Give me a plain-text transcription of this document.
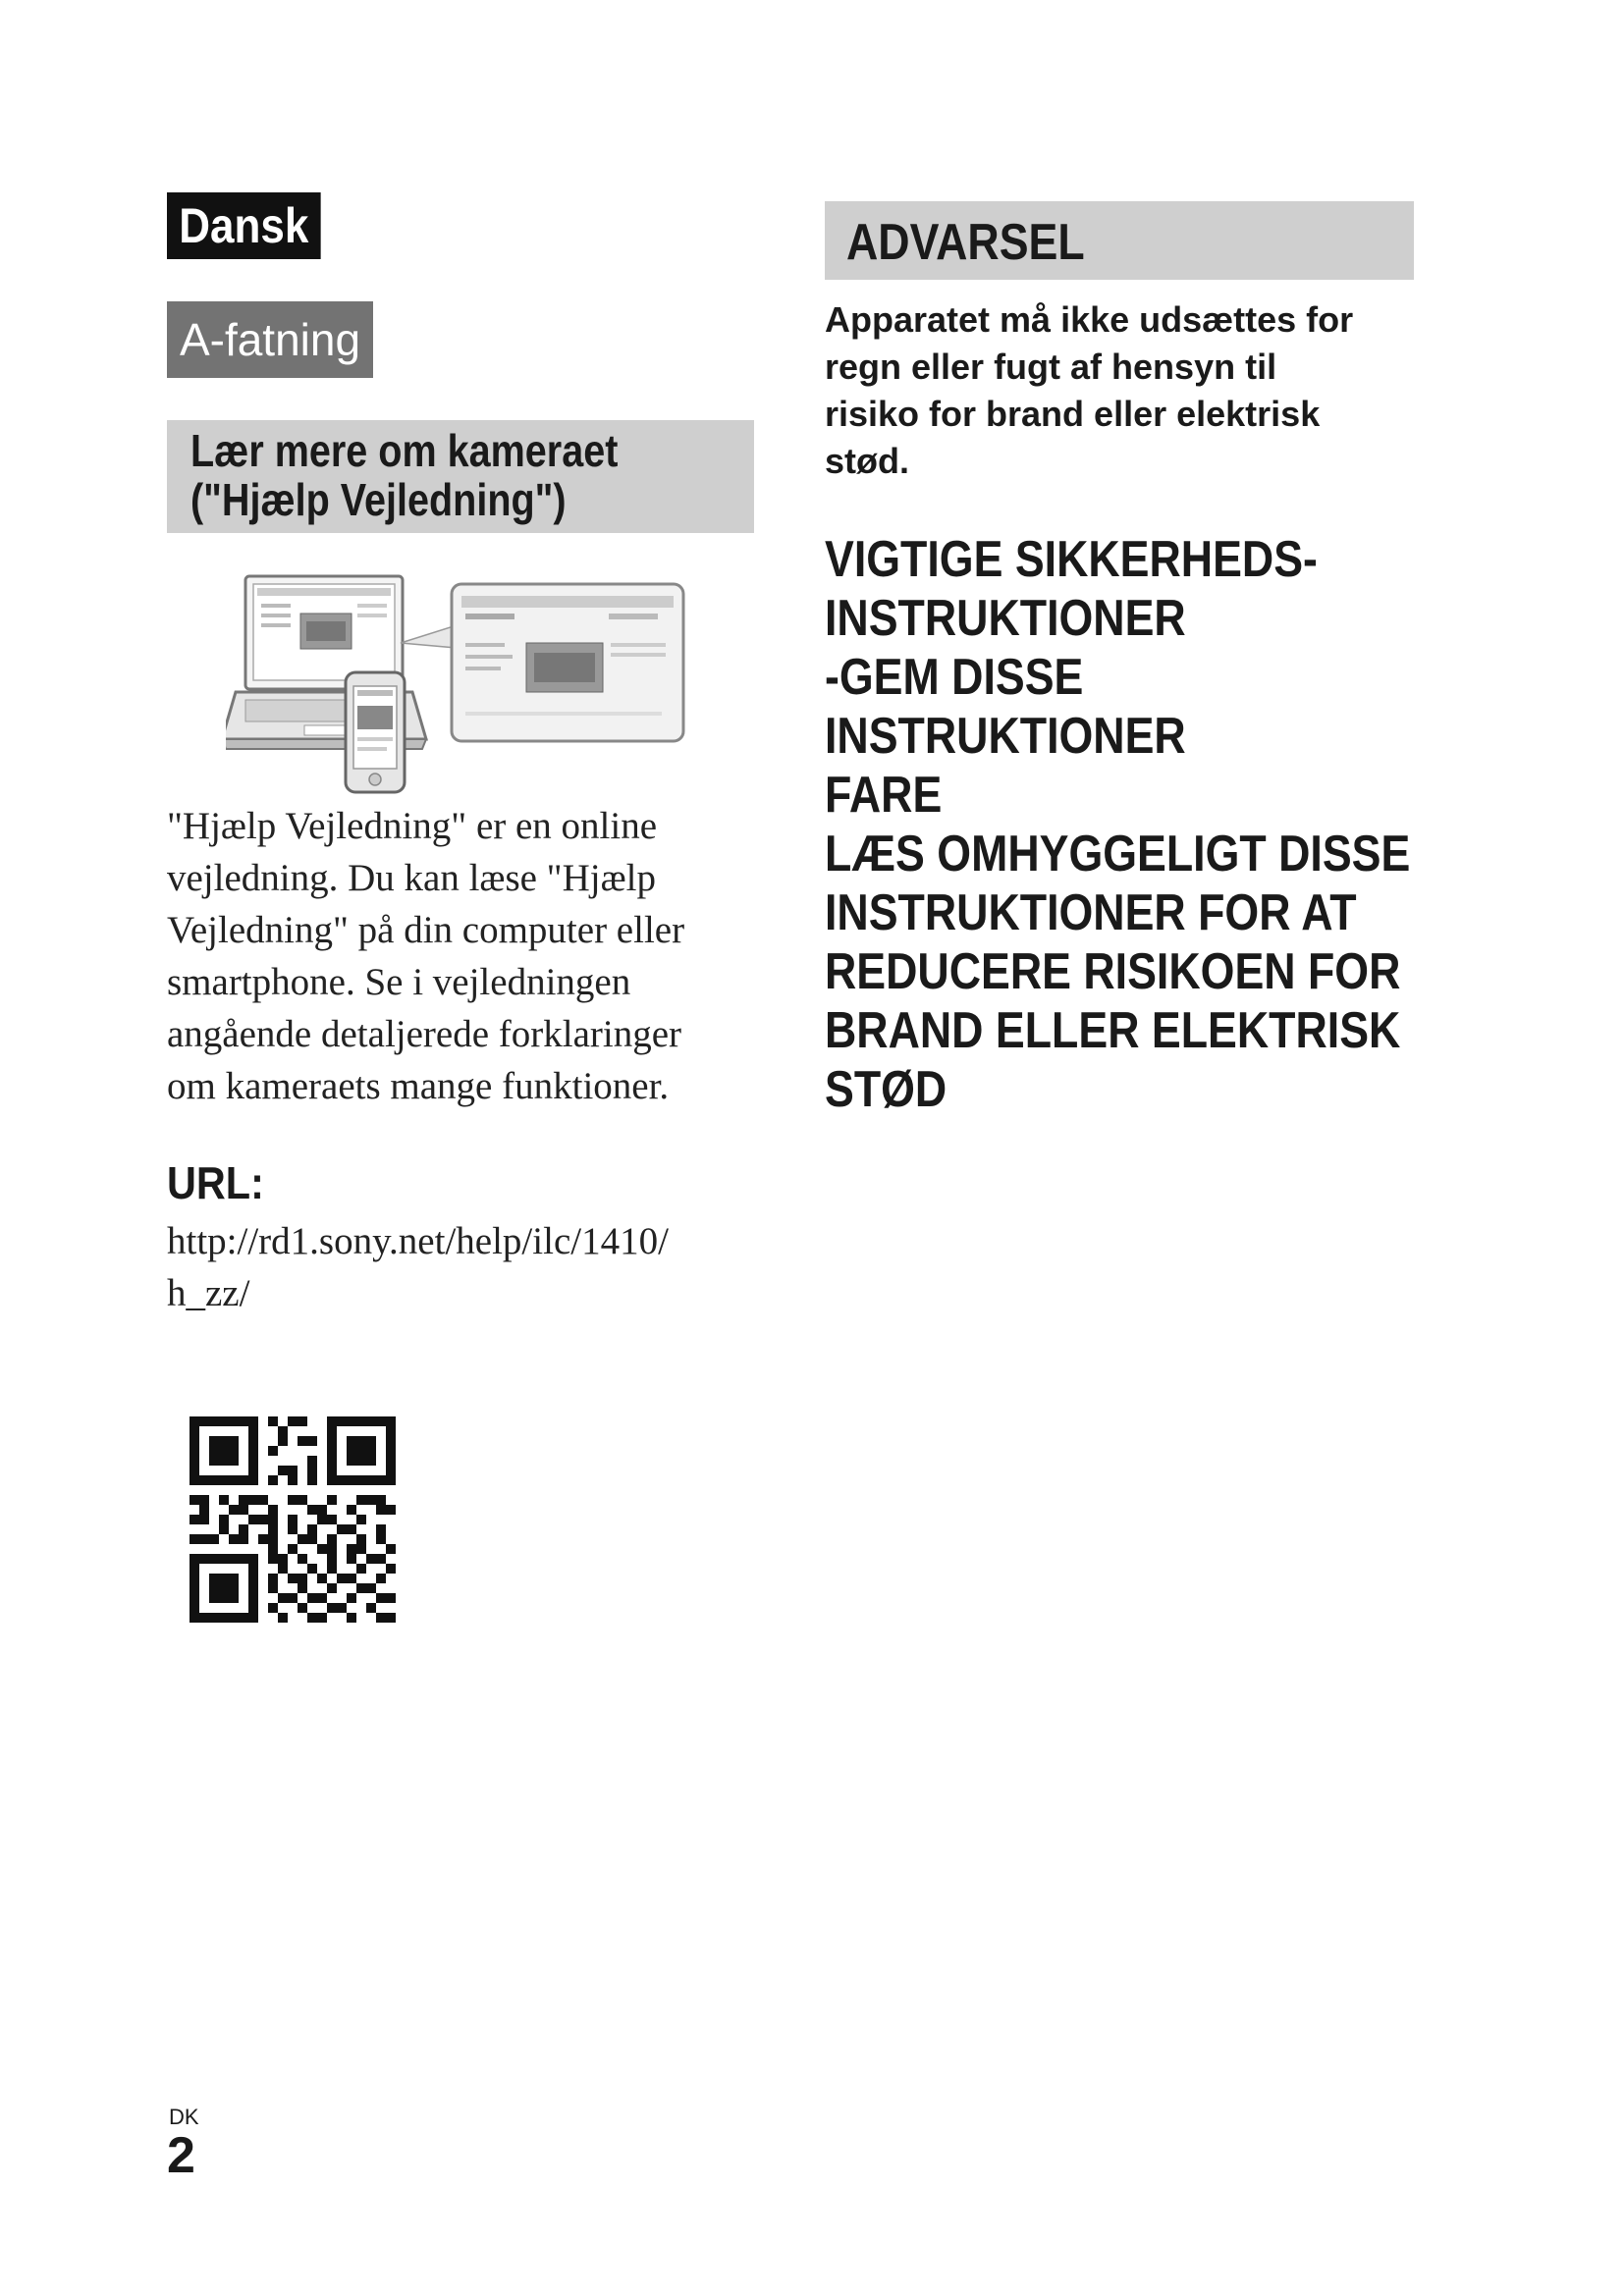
Dansk
A-fatning
Lær mere om kameraet
("Hjælp Vejledning")
"Hjælp Vejledning" er en online
vejledning. Du kan læse "Hjælp
Vejledning" på din computer eller
smartphone. Se i vejledningen
angående detaljerede forklaringer
om kameraets mange funktioner.
URL:
http://rd1.sony.net/help/ilc/1410/
h_zz/
ADVARSEL
Apparatet må ikke udsættes for
regn eller fugt af hensyn til
risiko for brand eller elektrisk
stød.
VIGTIGE SIKKERHEDS-
INSTRUKTIONER
-GEM DISSE
INSTRUKTIONER
FARE
LÆS OMHYGGELIGT DISSE
INSTRUKTIONER FOR AT
REDUCERE RISIKOEN FOR
BRAND ELLER ELEKTRISK
STØD
DK
2
